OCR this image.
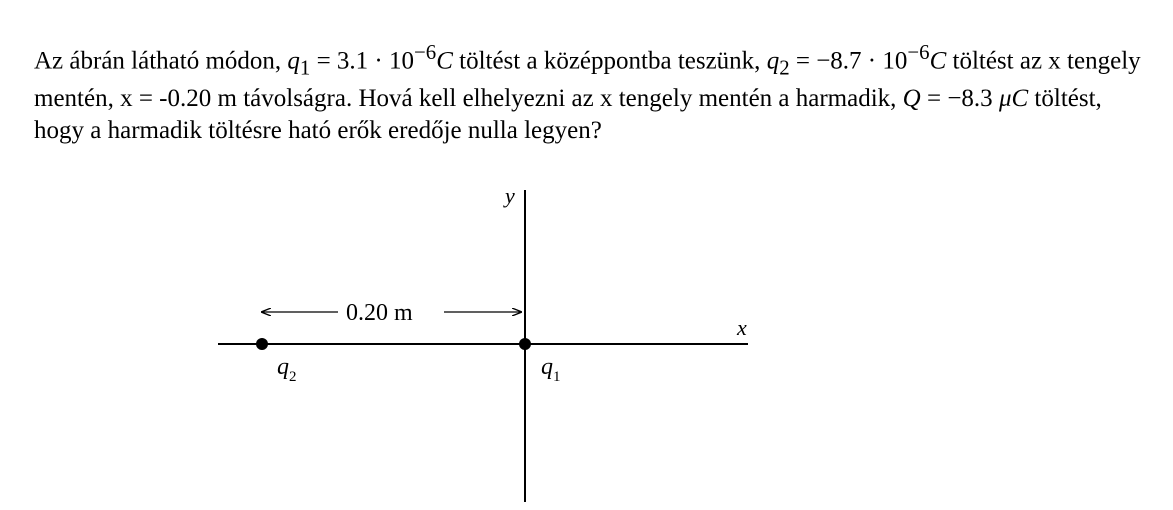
Az ábrán látható módon, $q_1 = 3.1 \cdot 10^{-6}C$ töltést a középpontba teszünk, $q_2 = -8.7 \cdot 10^{-6}C$ töltést az x tengely mentén, x = -0.20 m távolságra. Hová kell elhelyezni az x tengely mentén a harmadik, Q = −8.3 μC töltést, hogy a harmadik töltésre ható erők eredője nulla legyen?

y
x
0.20 m
$q_2$	$q_1$
